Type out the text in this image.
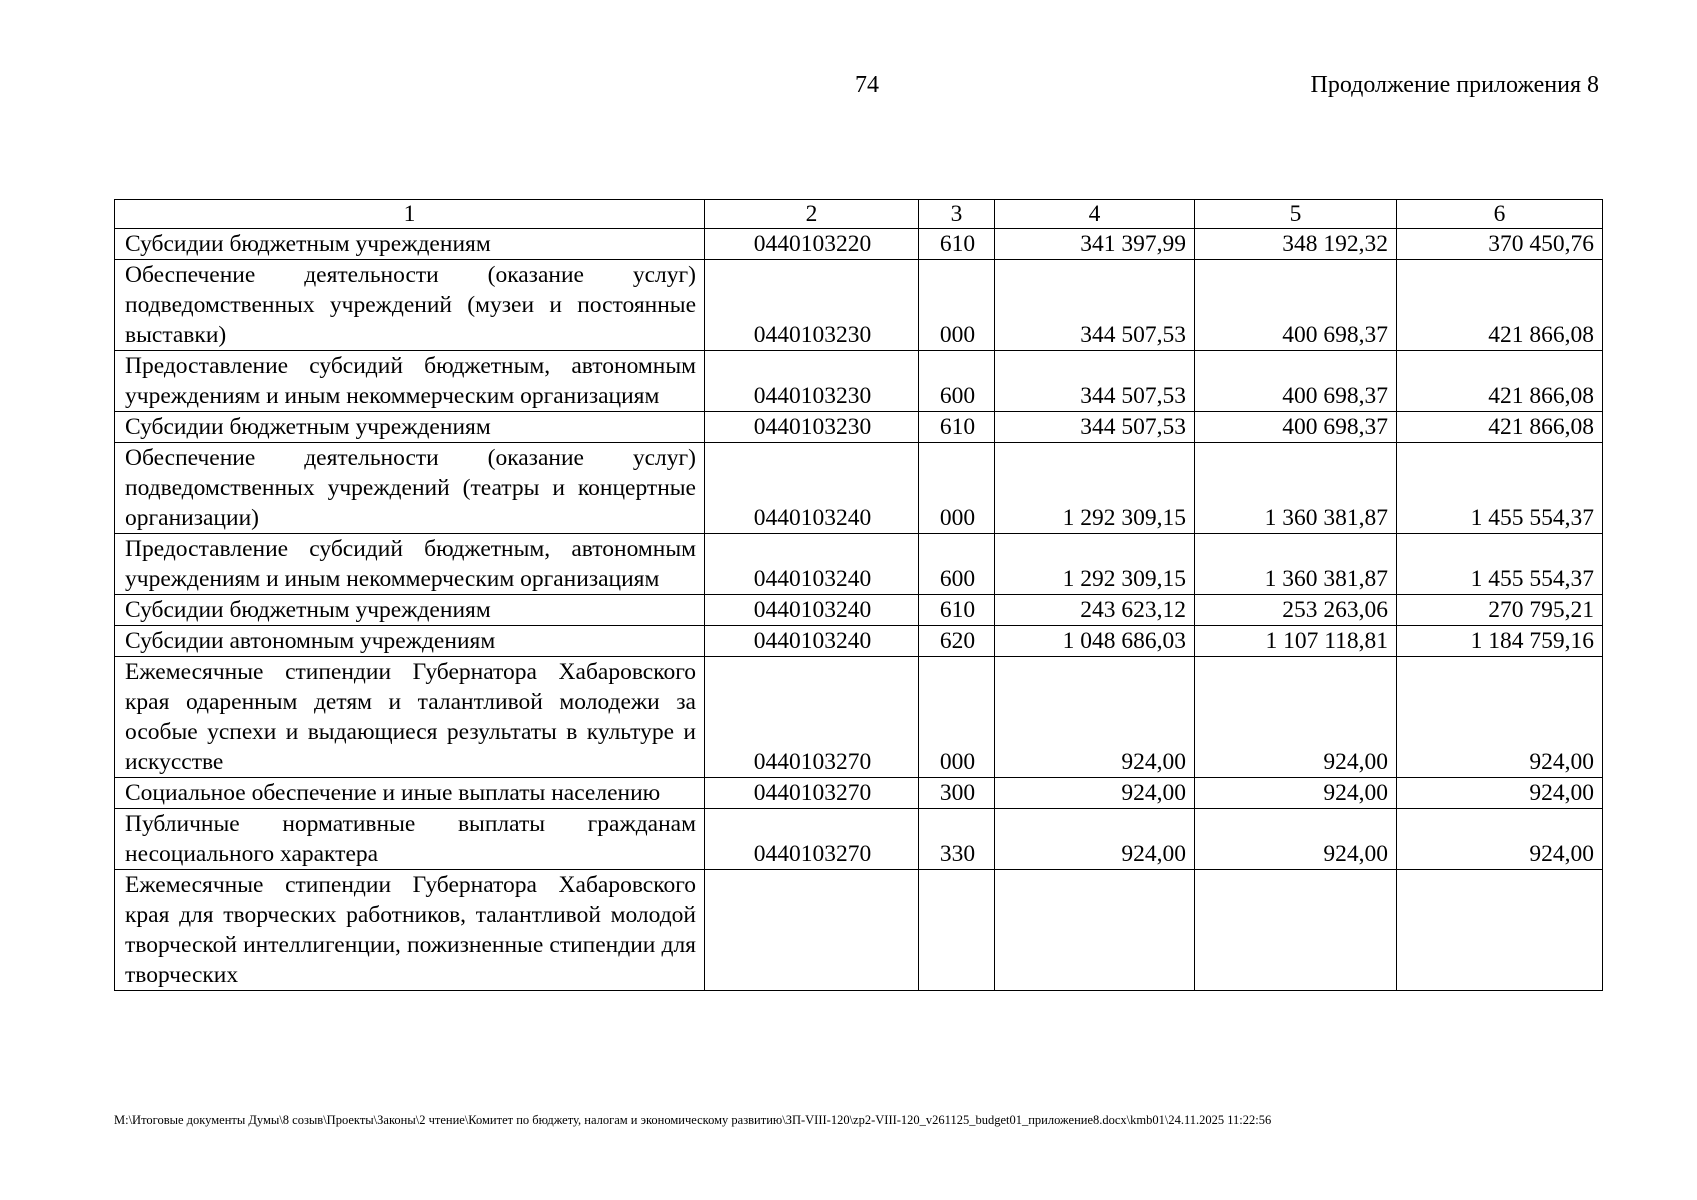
74	Продолжение приложения 8
1	2	3	4	5	6
Субсидии бюджетным учреждениям	0440103220	610	341 397,99	348 192,32	370 450,76
Обеспечение деятельности (оказание услуг) подведомственных учреждений (музеи и постоянные выставки)	0440103230	000	344 507,53	400 698,37	421 866,08
Предоставление субсидий бюджетным, автономным учреждениям и иным некоммерческим организациям	0440103230	600	344 507,53	400 698,37	421 866,08
Субсидии бюджетным учреждениям	0440103230	610	344 507,53	400 698,37	421 866,08
Обеспечение деятельности (оказание услуг) подведомственных учреждений (театры и концертные организации)	0440103240	000	1 292 309,15	1 360 381,87	1 455 554,37
Предоставление субсидий бюджетным, автономным учреждениям и иным некоммерческим организациям	0440103240	600	1 292 309,15	1 360 381,87	1 455 554,37
Субсидии бюджетным учреждениям	0440103240	610	243 623,12	253 263,06	270 795,21
Субсидии автономным учреждениям	0440103240	620	1 048 686,03	1 107 118,81	1 184 759,16
Ежемесячные стипендии Губернатора Хабаровского края одаренным детям и талантливой молодежи за особые успехи и выдающиеся результаты в культуре и искусстве	0440103270	000	924,00	924,00	924,00
Социальное обеспечение и иные выплаты населению	0440103270	300	924,00	924,00	924,00
Публичные нормативные выплаты гражданам несоциального характера	0440103270	330	924,00	924,00	924,00
Ежемесячные стипендии Губернатора Хабаровского края для творческих работников, талантливой молодой творческой интеллигенции, пожизненные стипендии для творческих					
M:\Итоговые документы Думы\8 созыв\Проекты\Законы\2 чтение\Комитет по бюджету, налогам и экономическому развитию\ЗП-VIII-120\zp2-VIII-120_v261125_budget01_приложение8.docx\kmb01\24.11.2025 11:22:56
